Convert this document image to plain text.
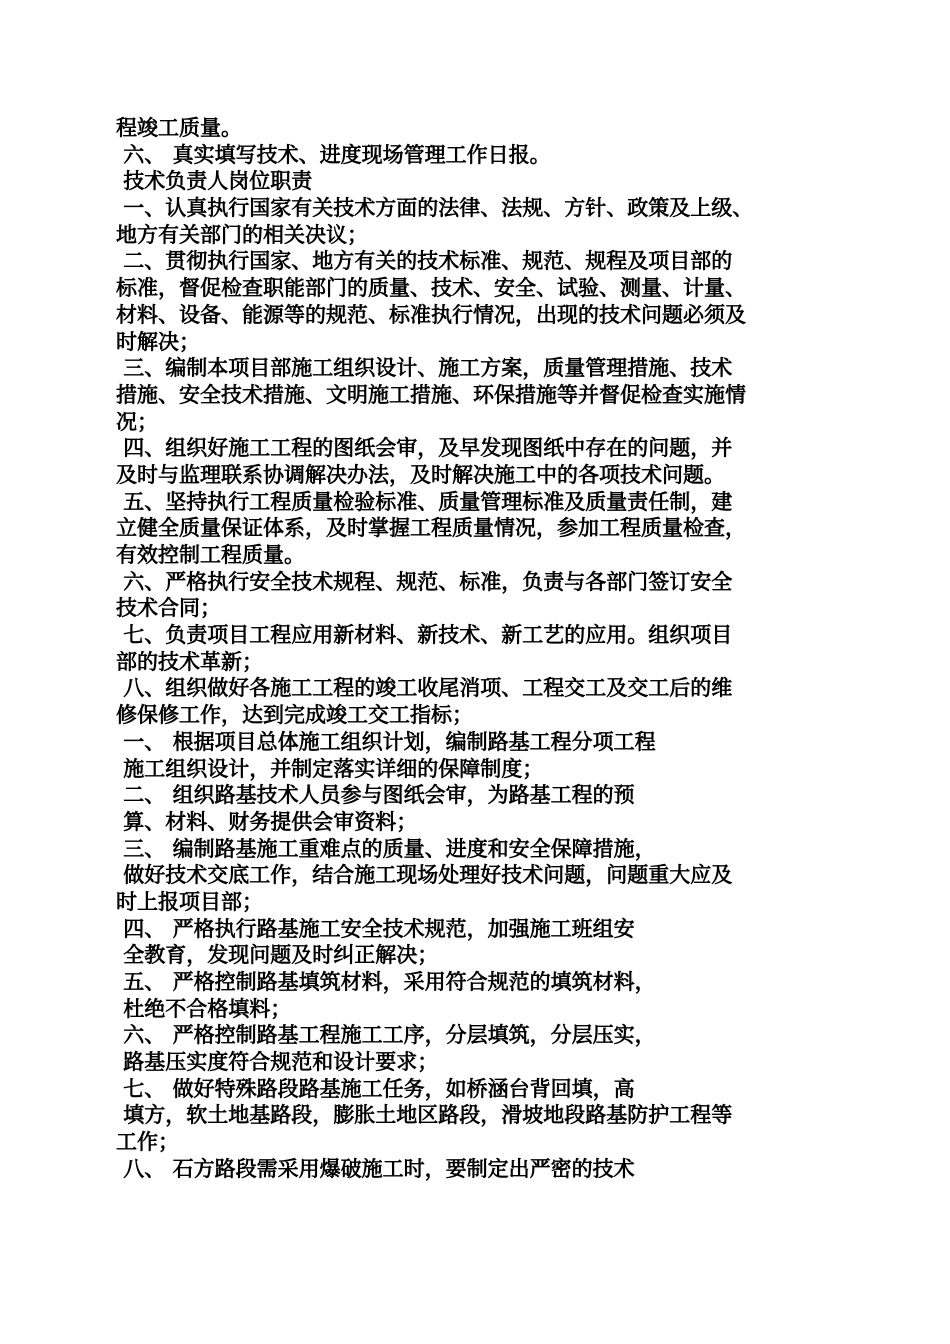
程竣工质量。
六、 真实填写技术、进度现场管理工作日报。
技术负责人岗位职责
一、认真执行国家有关技术方面的法律、法规、方针、政策及上级、
地方有关部门的相关决议；
二、贯彻执行国家、地方有关的技术标准、规范、规程及项目部的
标准，督促检查职能部门的质量、技术、安全、试验、测量、计量、
材料、设备、能源等的规范、标准执行情况，出现的技术问题必须及
时解决；
三、编制本项目部施工组织设计、施工方案，质量管理措施、技术
措施、安全技术措施、文明施工措施、环保措施等并督促检查实施情
况；
四、组织好施工工程的图纸会审，及早发现图纸中存在的问题，并
及时与监理联系协调解决办法，及时解决施工中的各项技术问题。
五、坚持执行工程质量检验标准、质量管理标准及质量责任制，建
立健全质量保证体系，及时掌握工程质量情况，参加工程质量检查，
有效控制工程质量。
六、严格执行安全技术规程、规范、标准，负责与各部门签订安全
技术合同；
七、负责项目工程应用新材料、新技术、新工艺的应用。组织项目
部的技术革新；
八、组织做好各施工工程的竣工收尾消项、工程交工及交工后的维
修保修工作，达到完成竣工交工指标；
一、 根据项目总体施工组织计划，编制路基工程分项工程
施工组织设计，并制定落实详细的保障制度；
二、 组织路基技术人员参与图纸会审，为路基工程的预
算、材料、财务提供会审资料；
三、 编制路基施工重难点的质量、进度和安全保障措施，
做好技术交底工作，结合施工现场处理好技术问题，问题重大应及
时上报项目部；
四、 严格执行路基施工安全技术规范，加强施工班组安
全教育，发现问题及时纠正解决；
五、 严格控制路基填筑材料，采用符合规范的填筑材料，
杜绝不合格填料；
六、 严格控制路基工程施工工序，分层填筑，分层压实，
路基压实度符合规范和设计要求；
七、 做好特殊路段路基施工任务，如桥涵台背回填，高
填方，软土地基路段，膨胀土地区路段，滑坡地段路基防护工程等
工作；
八、 石方路段需采用爆破施工时，要制定出严密的技术
